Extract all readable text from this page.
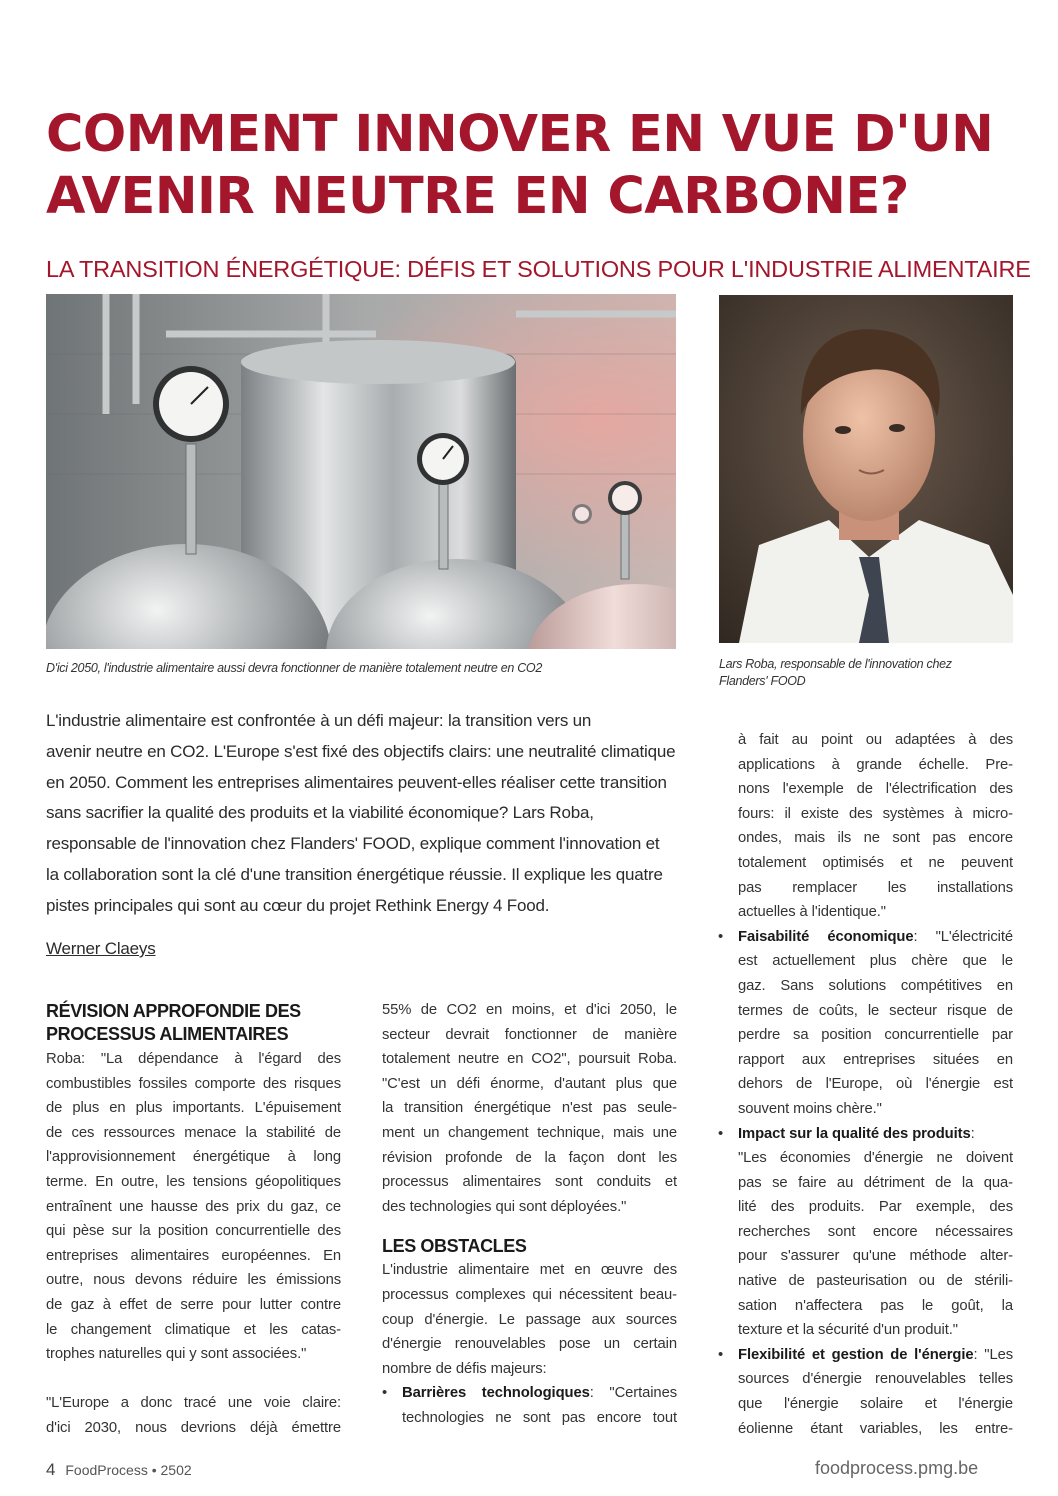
COMMENT INNOVER EN VUE D'UN
AVENIR NEUTRE EN CARBONE?
LA TRANSITION ÉNERGÉTIQUE: DÉFIS ET SOLUTIONS POUR L'INDUSTRIE ALIMENTAIRE
D'ici 2050, l'industrie alimentaire aussi devra fonctionner de manière totalement neutre en CO2	Lars Roba, responsable de l'innovation chez
Flanders' FOOD
L'industrie alimentaire est confrontée à un défi majeur: la transition vers un
avenir neutre en CO2. L'Europe s'est fixé des objectifs clairs: une neutralité climatique
en 2050. Comment les entreprises alimentaires peuvent-elles réaliser cette transition
sans sacrifier la qualité des produits et la viabilité économique? Lars Roba,
responsable de l'innovation chez Flanders' FOOD, explique comment l'innovation et
la collaboration sont la clé d'une transition énergétique réussie. Il explique les quatre
pistes principales qui sont au cœur du projet Rethink Energy 4 Food.
Werner Claeys
RÉVISION APPROFONDIE DES
PROCESSUS ALIMENTAIRES
Roba: "La dépendance à l'égard des
combustibles fossiles comporte des risques
de plus en plus importants. L'épuisement
de ces ressources menace la stabilité de
l'approvisionnement énergétique à long
terme. En outre, les tensions géopolitiques
entraînent une hausse des prix du gaz, ce
qui pèse sur la position concurrentielle des
entreprises alimentaires européennes. En
outre, nous devons réduire les émissions
de gaz à effet de serre pour lutter contre
le changement climatique et les catas-
trophes naturelles qui y sont associées."
"L'Europe a donc tracé une voie claire:
d'ici 2030, nous devrions déjà émettre
55% de CO2 en moins, et d'ici 2050, le
secteur devrait fonctionner de manière
totalement neutre en CO2", poursuit Roba.
"C'est un défi énorme, d'autant plus que
la transition énergétique n'est pas seule-
ment un changement technique, mais une
révision profonde de la façon dont les
processus alimentaires sont conduits et
des technologies qui sont déployées."
LES OBSTACLES
L'industrie alimentaire met en œuvre des
processus complexes qui nécessitent beau-
coup d'énergie. Le passage aux sources
d'énergie renouvelables pose un certain
nombre de défis majeurs:
• Barrières technologiques: "Certaines
technologies ne sont pas encore tout
à fait au point ou adaptées à des
applications à grande échelle. Pre-
nons l'exemple de l'électrification des
fours: il existe des systèmes à micro-
ondes, mais ils ne sont pas encore
totalement optimisés et ne peuvent
pas remplacer les installations
actuelles à l'identique."
• Faisabilité économique: "L'électricité
est actuellement plus chère que le
gaz. Sans solutions compétitives en
termes de coûts, le secteur risque de
perdre sa position concurrentielle par
rapport aux entreprises situées en
dehors de l'Europe, où l'énergie est
souvent moins chère."
• Impact sur la qualité des produits:
"Les économies d'énergie ne doivent
pas se faire au détriment de la qua-
lité des produits. Par exemple, des
recherches sont encore nécessaires
pour s'assurer qu'une méthode alter-
native de pasteurisation ou de stérili-
sation n'affectera pas le goût, la
texture et la sécurité d'un produit."
• Flexibilité et gestion de l'énergie: "Les
sources d'énergie renouvelables telles
que l'énergie solaire et l'énergie
éolienne étant variables, les entre-
4 FoodProcess • 2502	foodprocess.pmg.be
